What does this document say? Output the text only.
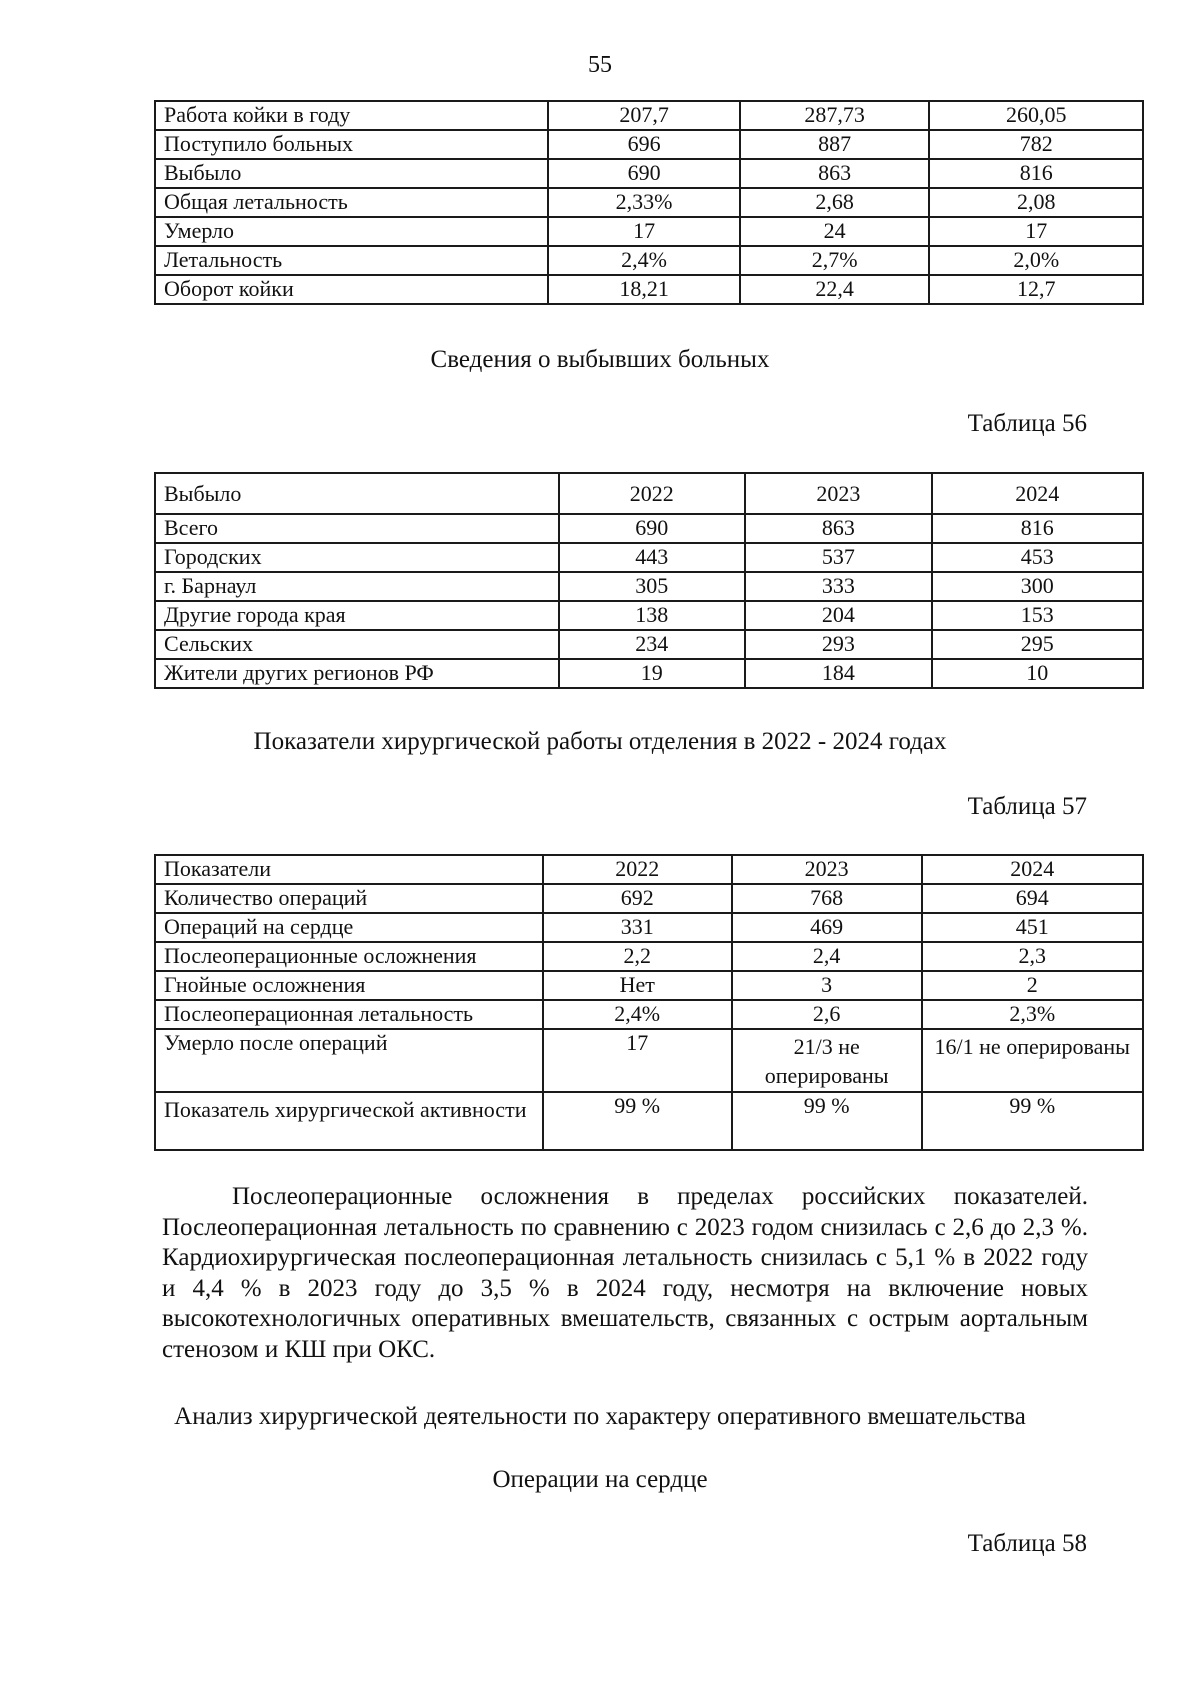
55
Работа койки в году	207,7	287,73	260,05
Поступило больных	696	887	782
Выбыло	690	863	816
Общая летальность	2,33%	2,68	2,08
Умерло	17	24	17
Летальность	2,4%	2,7%	2,0%
Оборот койки	18,21	22,4	12,7
Сведения о выбывших больных
Таблица 56
Выбыло	2022	2023	2024
Всего	690	863	816
Городских	443	537	453
г. Барнаул	305	333	300
Другие города края	138	204	153
Сельских	234	293	295
Жители других регионов РФ	19	184	10
Показатели хирургической работы отделения в 2022 - 2024 годах
Таблица 57
Показатели	2022	2023	2024
Количество операций	692	768	694
Операций на сердце	331	469	451
Послеоперационные осложнения	2,2	2,4	2,3
Гнойные осложнения	Нет	3	2
Послеоперационная летальность	2,4%	2,6	2,3%
Умерло после операций	17	21/3 не оперированы	16/1 не оперированы
Показатель хирургической активности	99 %	99 %	99 %
Послеоперационные осложнения в пределах российских показателей. Послеоперационная летальность по сравнению с 2023 годом снизилась с 2,6 до 2,3 %. Кардиохирургическая послеоперационная летальность снизилась с 5,1 % в 2022 году и 4,4 % в 2023 году до 3,5 % в 2024 году, несмотря на включение новых высокотехнологичных оперативных вмешательств, связанных с острым аортальным стенозом и КШ при ОКС.
Анализ хирургической деятельности по характеру оперативного вмешательства
Операции на сердце
Таблица 58
